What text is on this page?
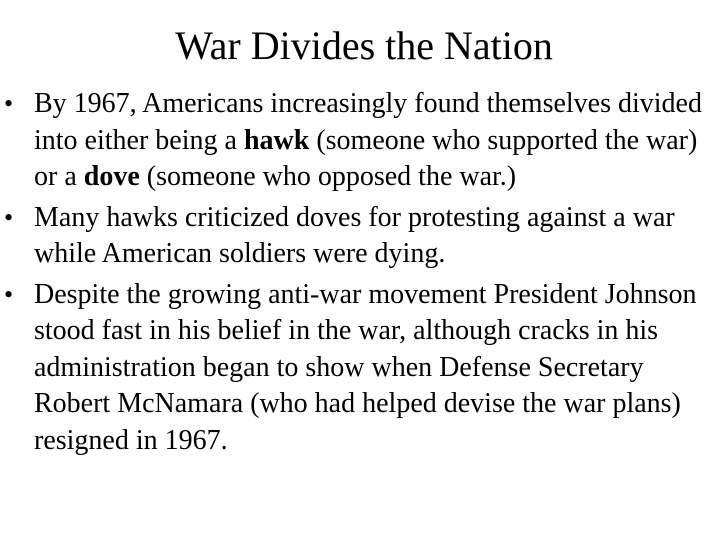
War Divides the Nation
• By 1967, Americans increasingly found themselves divided into either being a hawk (someone who supported the war) or a dove (someone who opposed the war.)
• Many hawks criticized doves for protesting against a war while American soldiers were dying.
• Despite the growing anti-war movement President Johnson stood fast in his belief in the war, although cracks in his administration began to show when Defense Secretary Robert McNamara (who had helped devise the war plans) resigned in 1967.
